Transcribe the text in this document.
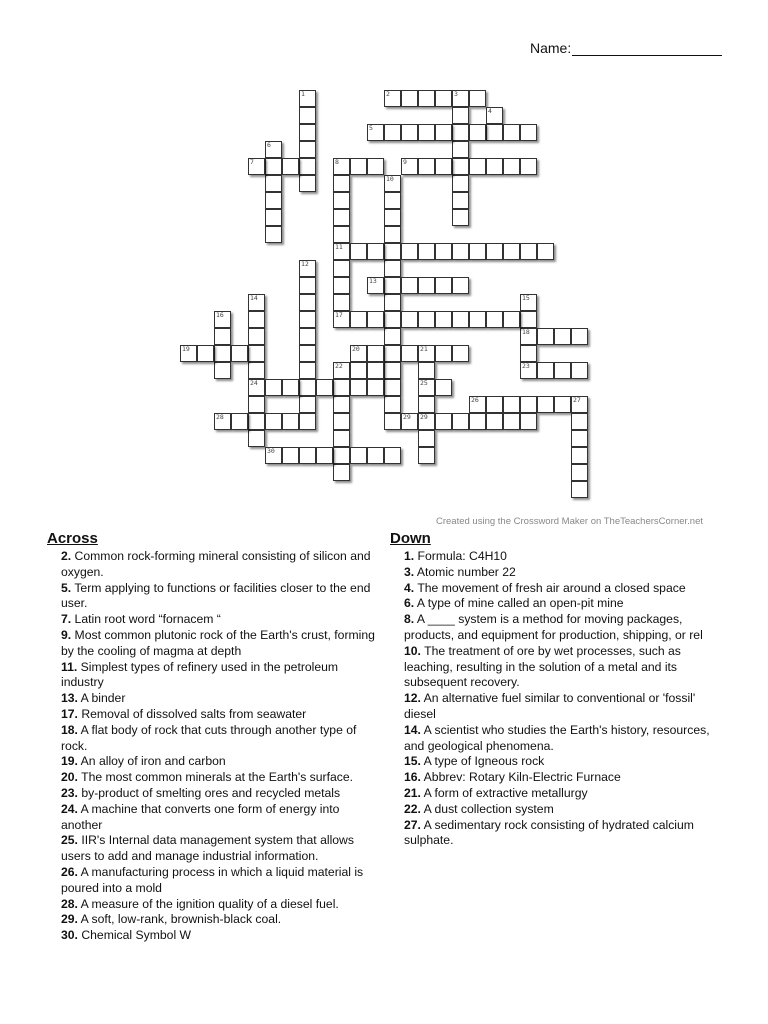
Name:
1	2	3
4
5
6
7	8
11
9
10
12
13
14
24
15
18
23
16	17
19	20	21
25
22
26	27
28	29 29
30
Created using the Crossword Maker on TheTeachersCorner.net
Across
2. Common rock-forming mineral consisting of silicon and oxygen.
5. Term applying to functions or facilities closer to the end user.
7. Latin root word “fornacem “
9. Most common plutonic rock of the Earth's crust, forming by the cooling of magma at depth
11. Simplest types of refinery used in the petroleum industry
13. A binder
17. Removal of dissolved salts from seawater
18. A flat body of rock that cuts through another type of rock.
19. An alloy of iron and carbon
20. The most common minerals at the Earth's surface.
23. by-product of smelting ores and recycled metals
24. A machine that converts one form of energy into another
25. IIR's Internal data management system that allows users to add and manage industrial information.
26. A manufacturing process in which a liquid material is poured into a mold
28. A measure of the ignition quality of a diesel fuel.
29. A soft, low-rank, brownish-black coal.
30. Chemical Symbol W
Down
1. Formula: C4H10
3. Atomic number 22
4. The movement of fresh air around a closed space
6. A type of mine called an open-pit mine
8. A ____ system is a method for moving packages, products, and equipment for production, shipping, or rel
10. The treatment of ore by wet processes, such as leaching, resulting in the solution of a metal and its subsequent recovery.
12. An alternative fuel similar to conventional or 'fossil' diesel
14. A scientist who studies the Earth's history, resources, and geological phenomena.
15. A type of Igneous rock
16. Abbrev: Rotary Kiln-Electric Furnace
21. A form of extractive metallurgy
22. A dust collection system
27. A sedimentary rock consisting of hydrated calcium sulphate.
